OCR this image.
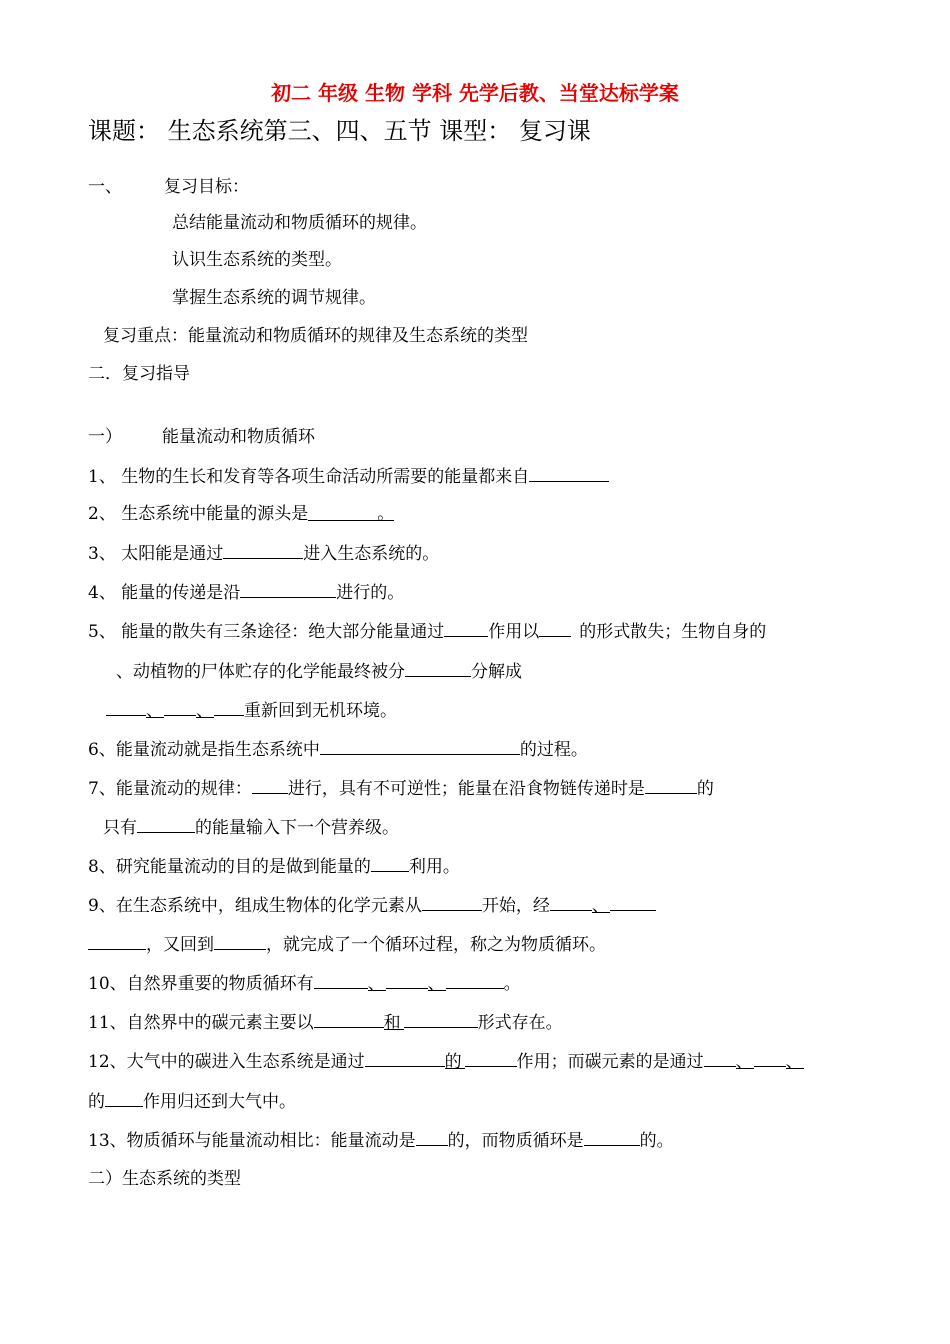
初二 年级 生物 学科 先学后教、当堂达标学案
课题： 生态系统第三、四、五节 课型： 复习课
一、 复习目标：
总结能量流动和物质循环的规律。
认识生态系统的类型。
掌握生态系统的调节规律。
复习重点：能量流动和物质循环的规律及生态系统的类型
二．复习指导
一） 能量流动和物质循环
1、 生物的生长和发育等各项生命活动所需要的能量都来自
2、 生态系统中能量的源头是	。
3、 太阳能是通过	进入生态系统的。
4、 能量的传递是沿	进行的。
5、 能量的散失有三条途径：绝大部分能量通过	作用以 的形式散失；生物自身的
、动植物的尸体贮存的化学能最终被分	分解成
、 、 重新回到无机环境。
6、能量流动就是指生态系统中	的过程。
7、能量流动的规律： 进行，具有不可逆性；能量在沿食物链传递时是	的
只有	的能量输入下一个营养级。
8、研究能量流动的目的是做到能量的 利用。
9、在生态系统中，组成生物体的化学元素从	开始，经 、
，又回到	，就完成了一个循环过程，称之为物质循环。
10、自然界重要的物质循环有	、	、	。
11、自然界中的碳元素主要以	和	形式存在。
12、大气中的碳进入生态系统是通过	的	作用；而碳元素的是通过 、 、
的 作用归还到大气中。
13、物质循环与能量流动相比：能量流动是 的，而物质循环是	的。
二）生态系统的类型
